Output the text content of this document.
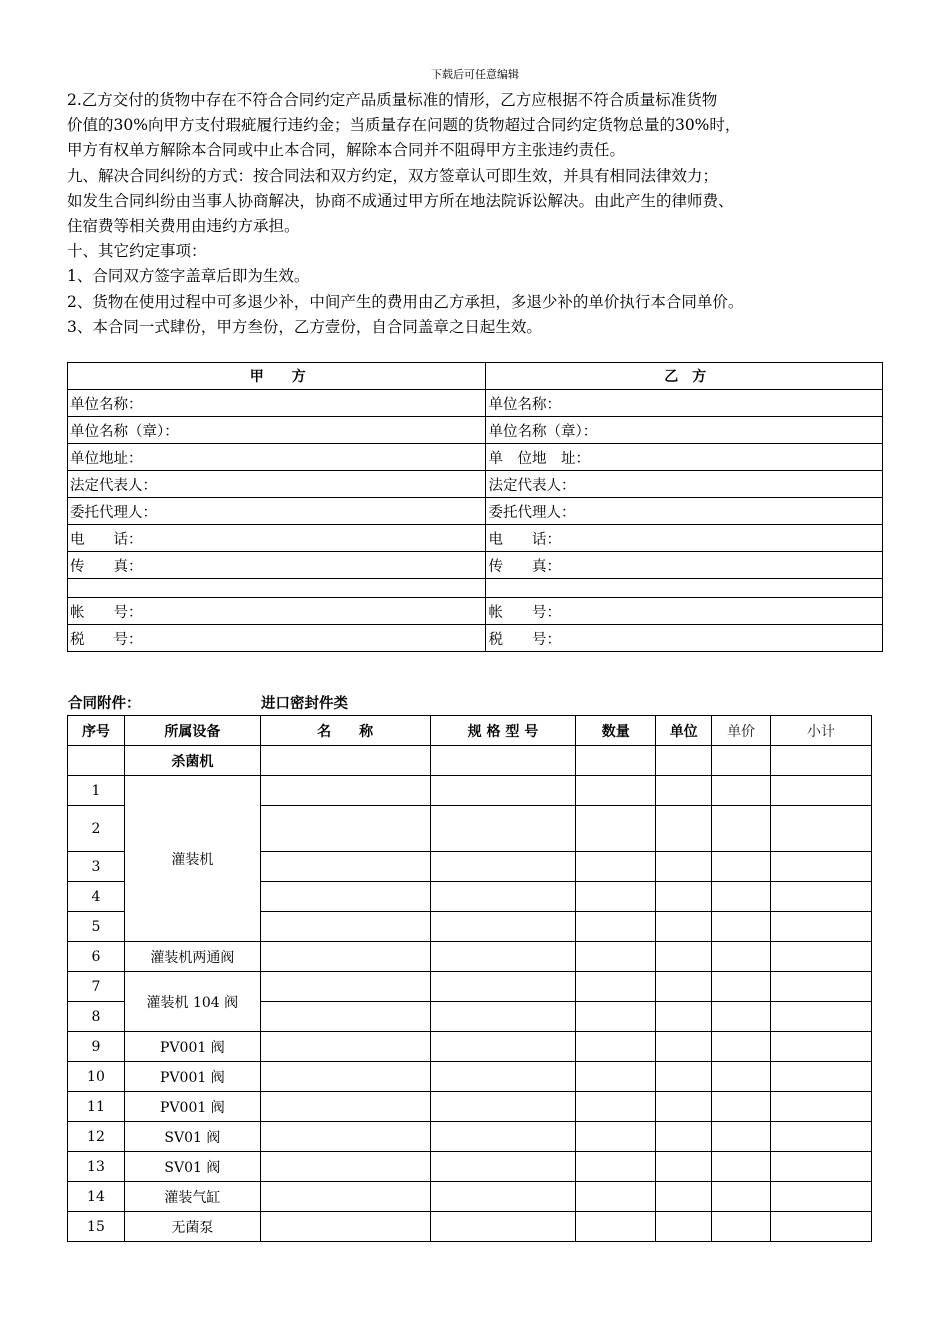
下载后可任意编辑

2.乙方交付的货物中存在不符合合同约定产品质量标准的情形，乙方应根据不符合质量标准货物

价值的30%向甲方支付瑕疵履行违约金；当质量存在问题的货物超过合同约定货物总量的30%时，

甲方有权单方解除本合同或中止本合同，解除本合同并不阻碍甲方主张违约责任。

九、解决合同纠纷的方式：按合同法和双方约定，双方签章认可即生效，并具有相同法律效力；

如发生合同纠纷由当事人协商解决，协商不成通过甲方所在地法院诉讼解决。由此产生的律师费、

住宿费等相关费用由违约方承担。

十、其它约定事项：

1、合同双方签字盖章后即为生效。

2、货物在使用过程中可多退少补，中间产生的费用由乙方承担，多退少补的单价执行本合同单价。

3、本合同一式肆份，甲方叁份，乙方壹份，自合同盖章之日起生效。

甲　　方	乙　方
单位名称：	单位名称：
单位名称（章）：	单位名称（章）：
单位地址：	单　位地　址：
法定代表人：	法定代表人：
委托代理人：	委托代理人：
电　　话：	电　　话：
传　　真：	传　　真：

帐　　号：	帐　　号：
税　　号：	税　　号：
合同附件：	进口密封件类
序号	所属设备	名　　称	规 格 型 号	数量	单位	单价	小计
	杀菌机						
1	灌装机						
2							
3							
4							
5							
6	灌装机两通阀						
7	灌装机 104 阀						
8							
9	PV001 阀						
10	PV001 阀						
11	PV001 阀						
12	SV01 阀						
13	SV01 阀						
14	灌装气缸						
15	无菌泵						
